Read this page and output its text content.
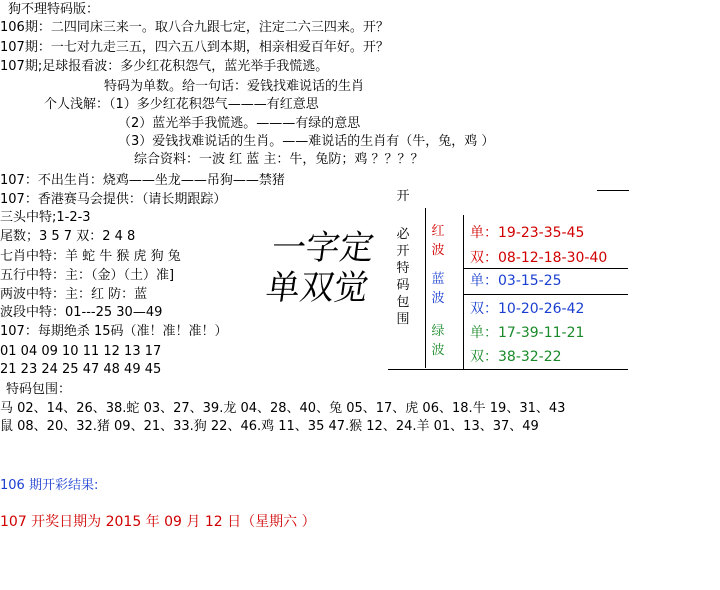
狗不理特码版：
106期：二四同床三来一。取八合九跟七定，注定二六三四来。开？
107期：一七对九走三五，四六五八到本期，相亲相爱百年好。开？
107期;足球报看波：多少红花积怨气，蓝光举手我慌逃。
特码为单数。给一句话：爱钱找难说话的生肖
个人浅解：（1）多少红花积怨气———有红意思
（2）蓝光举手我慌逃。———有绿的意思
（3）爱钱找难说话的生肖。——难说话的生肖有（牛，兔，鸡 ）
综合资料：一波 红 蓝 主：牛，兔防；鸡 ？？？？
107：不出生肖：烧鸡——坐龙——吊狗——禁猪
107：香港赛马会提供：（请长期跟踪）
三头中特;1-2-3
尾数；3 5 7 双：2 4 8
七肖中特：羊 蛇 牛 猴 虎 狗 兔
五行中特：主：（金）（土）准]
两波中特：主：红 防：蓝
波段中特：01---25 30—49
107：每期绝杀 15码（准！准！准！）
01 04 09 10 11 12 13 17
21 23 24 25 47 48 49 45
特码包围：
马 02、14、26、38.蛇 03、27、39.龙 04、28、40、兔 05、17、虎 06、18.牛 19、31、43
鼠 08、20、32.猪 09、21、33.狗 22、46.鸡 11、35 47.猴 12、24.羊 01、13、37、49
106 期开彩结果:
107 开奖日期为 2015 年 09 月 12 日（星期六 ）
一字定单双觉
开
必开特码包围
红波
蓝波
绿波
单：19-23-35-45
双：08-12-18-30-40
单：03-15-25
双：10-20-26-42
单：17-39-11-21
双：38-32-22
